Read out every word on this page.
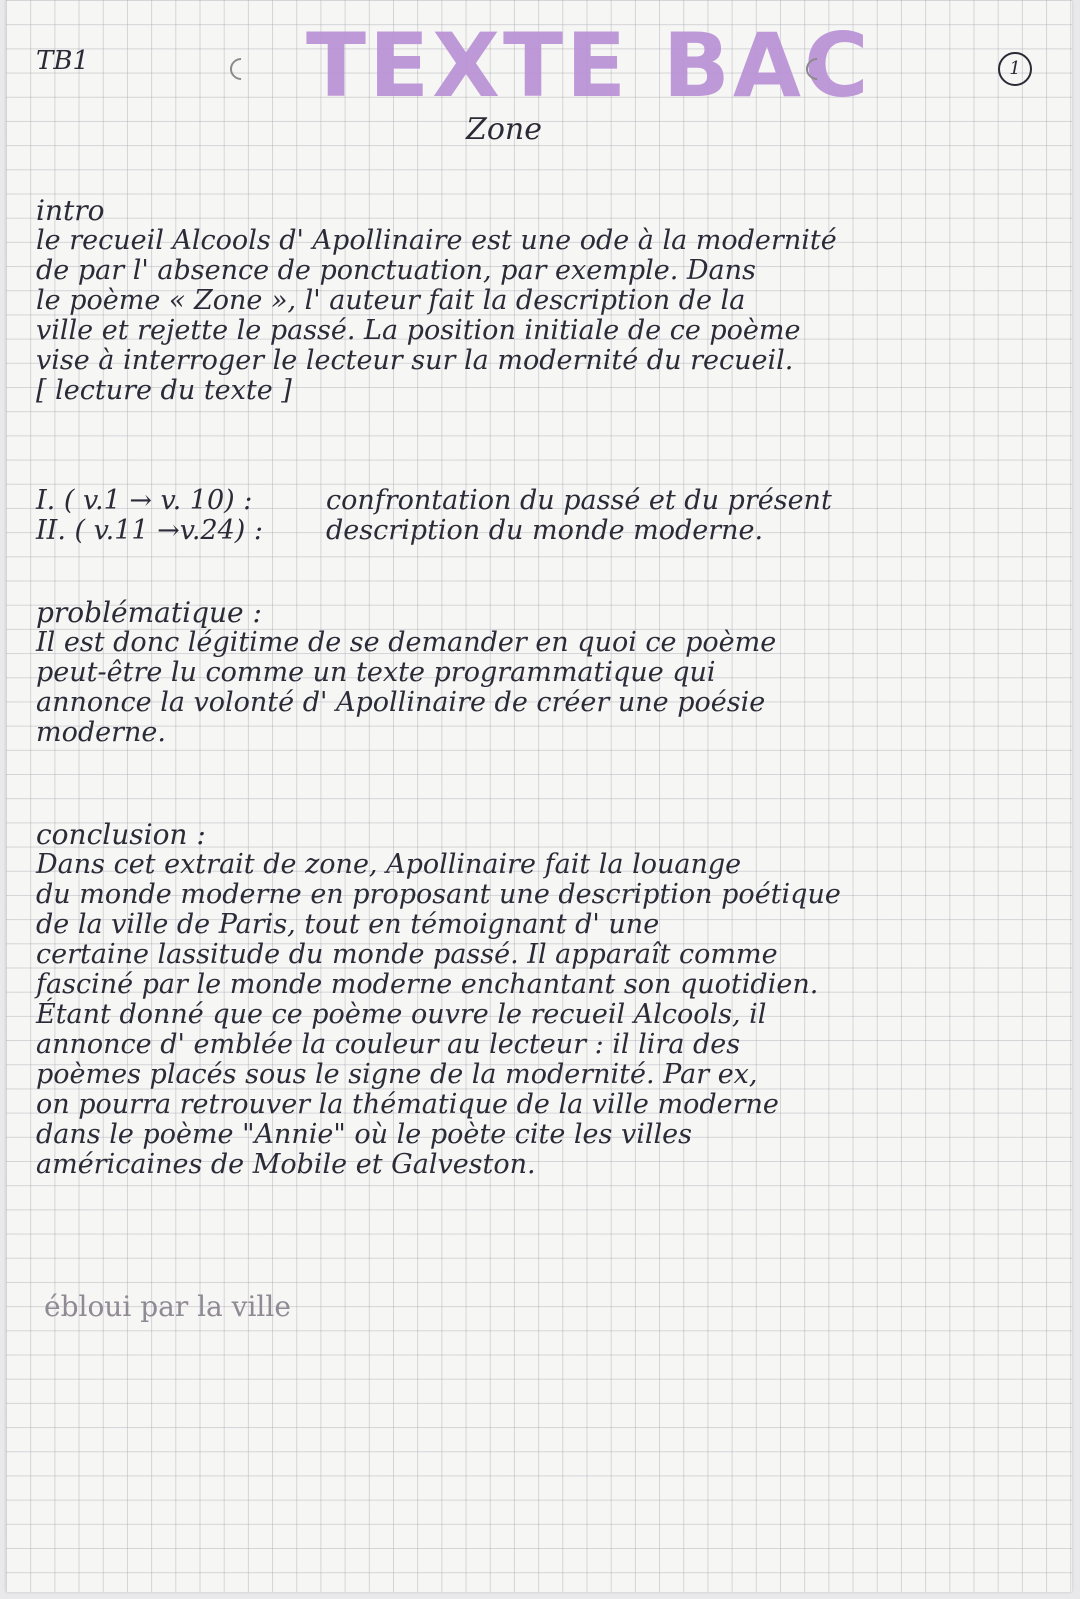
TB1 TEXTE BAC	1
Zone

intro

le recueil Alcools d' Apollinaire est une ode à la modernité

de par l' absence de ponctuation, par exemple. Dans

le poème « Zone », l' auteur fait la description de la

ville et rejette le passé. La position initiale de ce poème

vise à interroger le lecteur sur la modernité du recueil.

[ lecture du texte ]

I. ( v.1 → v. 10) :	confrontation du passé et du présent
II. ( v.11 →v.24) :	description du monde moderne.

problématique :

Il est donc légitime de se demander en quoi ce poème

peut-être lu comme un texte programmatique qui

annonce la volonté d' Apollinaire de créer une poésie

moderne.

conclusion :

Dans cet extrait de zone, Apollinaire fait la louange

du monde moderne en proposant une description poétique

de la ville de Paris, tout en témoignant d' une

certaine lassitude du monde passé. Il apparaît comme

fasciné par le monde moderne enchantant son quotidien.

Étant donné que ce poème ouvre le recueil Alcools, il

annonce d' emblée la couleur au lecteur : il lira des

poèmes placés sous le signe de la modernité. Par ex,

on pourra retrouver la thématique de la ville moderne

dans le poème "Annie" où le poète cite les villes

américaines de Mobile et Galveston.

ébloui par la ville
